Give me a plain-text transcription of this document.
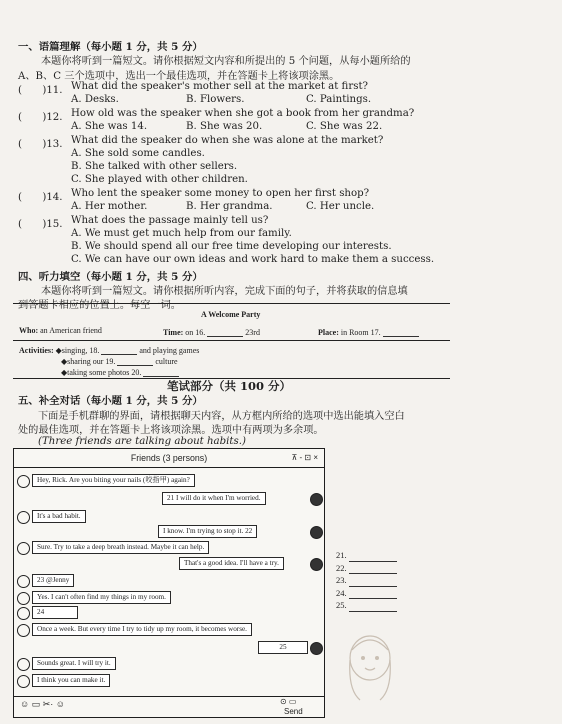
一、语篇理解（每小题 1 分，共 5 分）
本题你将听到一篇短文。请你根据短文内容和所提出的 5 个问题，从每小题所给的
A、B、C 三个选项中，选出一个最佳选项，并在答题卡上将该项涂黑。
(　　)11. What did the speaker's mother sell at the market at first?
A. Desks.	B. Flowers.	C. Paintings.
(　　)12. How old was the speaker when she got a book from her grandma?
A. She was 14.	B. She was 20.	C. She was 22.
(　　)13. What did the speaker do when she was alone at the market?
A. She sold some candles.
B. She talked with other sellers.
C. She played with other children.
(　　)14. Who lent the speaker some money to open her first shop?
A. Her mother.	B. Her grandma.	C. Her uncle.
(　　)15. What does the passage mainly tell us?
A. We must get much help from our family.
B. We should spend all our free time developing our interests.
C. We can have our own ideas and work hard to make them a success.
四、听力填空（每小题 1 分，共 5 分）
本题你将听到一篇短文。请你根据所听内容，完成下面的句子，并将获取的信息填
到答题卡相应的位置上。每空一词。
A Welcome Party
Who: an American friend	Time: on 16.	23rd	Place: in Room 17.
Activities: ◆singing, 18.	and playing games
◆sharing our 19.	culture
◆taking some photos 20.
笔试部分（共 100 分）
五、补全对话（每小题 1 分，共 5 分）
下面是手机群聊的界面，请根据聊天内容，从方框内所给的选项中选出能填入空白
处的最佳选项，并在答题卡上将该项涂黑。选项中有两项为多余项。
(Three friends are talking about habits.)
Friends (3 persons)	⊼ - ⊡ ×
Hey, Rick. Are you biting your nails (咬指甲) again?
21 I will do it when I'm worried.
It's a bad habit.
I know. I'm trying to stop it. 22
Sure. Try to take a deep breath instead. Maybe it can help.
That's a good idea. I'll have a try.
23 @Jenny
Yes. I can't often find my things in my room.
24
Once a week. But every time I try to tidy up my room, it becomes worse.
25
Sounds great. I will try it.
I think you can make it.
☺ ▭ ✂· ☺	⊙ ▭
Send
21.
22.
23.
24.
25.
